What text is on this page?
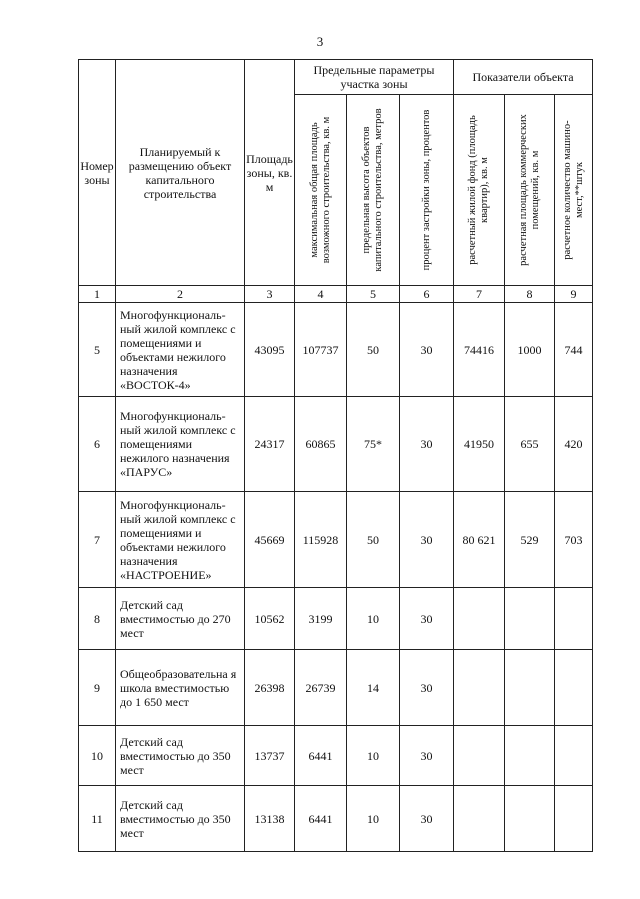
3
Номер зоны	Планируемый к размещению объект капитального строительства	Площадь зоны, кв. м	Предельные параметры участка зоны			Показатели объекта		

			максимальная общая площадь возможного строительства, кв. м	предельная высота объектов капитального строительства, метров	процент застройки зоны, процентов	расчетный жилой фонд (площадь квартир), кв. м	расчетная площадь коммерческих помещений, кв. м	расчетное количество машино-мест,**штук

1	2	3	4	5	6	7	8	9
5	Многофункциональ-ный жилой комплекс с помещениями и объектами нежилого назначения «ВОСТОК-4»	43095	107737	50	30	74416	1000	744
6	Многофункциональ-ный жилой комплекс с помещениями нежилого назначения «ПАРУС»	24317	60865	75*	30	41950	655	420
7	Многофункциональ-ный жилой комплекс с помещениями и объектами нежилого назначения «НАСТРОЕНИЕ»	45669	115928	50	30	80 621	529	703
8	Детский сад вместимостью до 270 мест	10562	3199	10	30			
9	Общеобразовательна я школа вместимостью до 1 650 мест	26398	26739	14	30			
10	Детский сад вместимостью до 350 мест	13737	6441	10	30			
11	Детский сад вместимостью до 350 мест	13138	6441	10	30			
